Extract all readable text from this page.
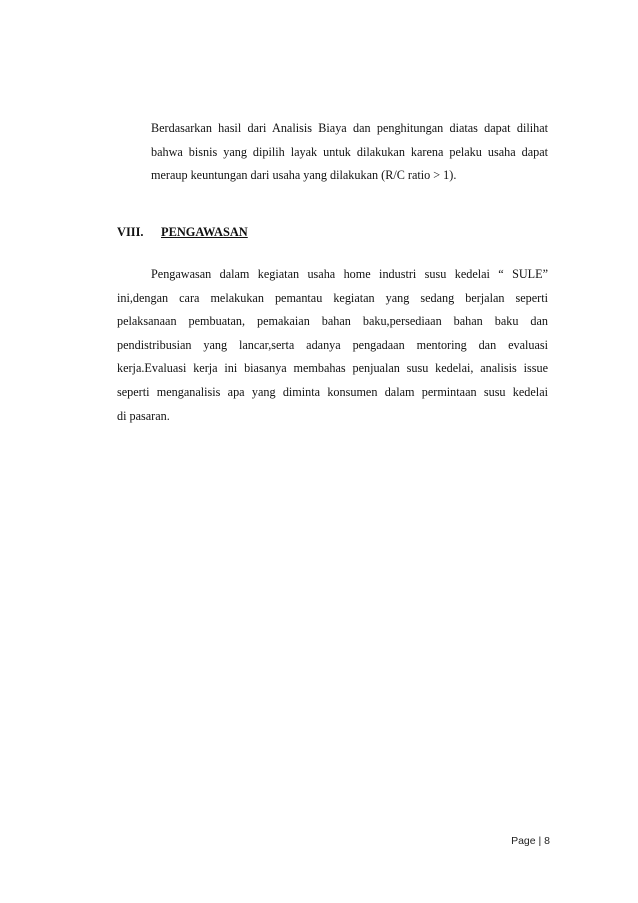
Berdasarkan hasil dari Analisis Biaya dan penghitungan diatas dapat dilihat
bahwa bisnis yang dipilih layak untuk dilakukan karena pelaku usaha dapat
meraup keuntungan dari usaha yang dilakukan (R/C ratio > 1).
VIII. PENGAWASAN
Pengawasan dalam kegiatan usaha home industri susu kedelai “ SULE”
ini,dengan cara melakukan pemantau kegiatan yang sedang berjalan seperti
pelaksanaan pembuatan, pemakaian bahan baku,persediaan bahan baku dan
pendistribusian yang lancar,serta adanya pengadaan mentoring dan evaluasi
kerja.Evaluasi kerja ini biasanya membahas penjualan susu kedelai, analisis issue
seperti menganalisis apa yang diminta konsumen dalam permintaan susu kedelai
di pasaran.
Page | 8
